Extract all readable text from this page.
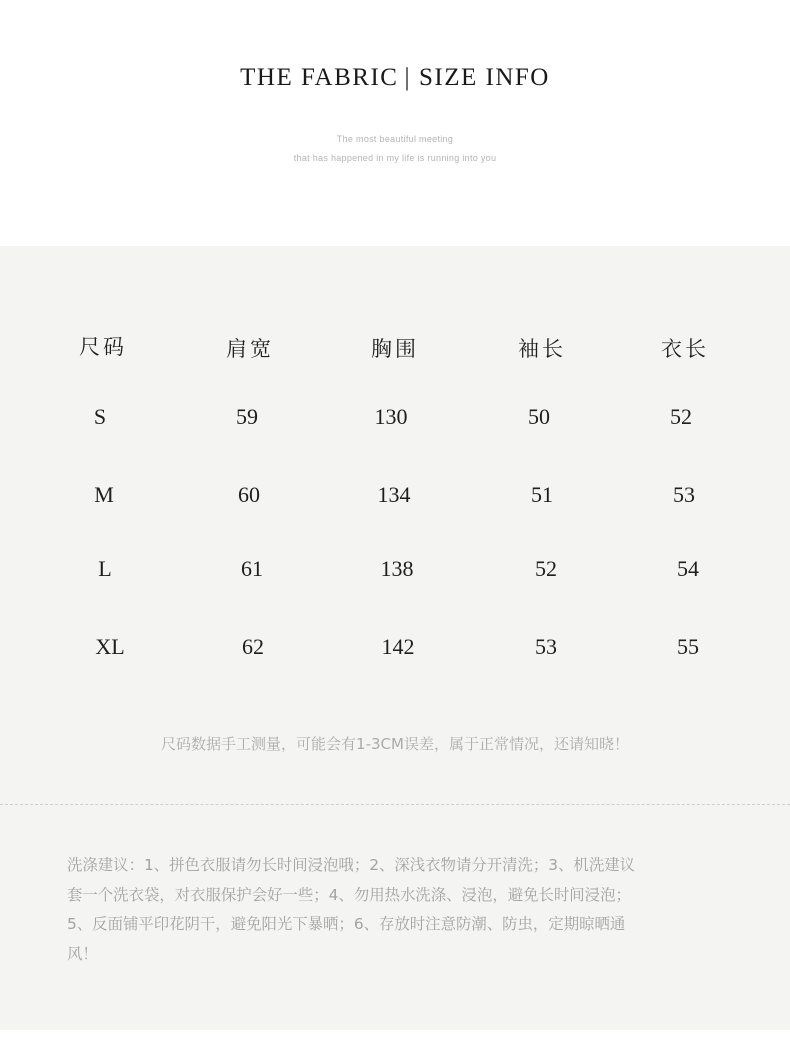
THE FABRIC | SIZE INFO
The most beautiful meeting
that has happened in my life is running into you
尺码	肩宽	胸围	袖长	衣长
S	59	130	50	52
M	60	134	51	53
L	61	138	52	54
XL	62	142	53	55
尺码数据手工测量，可能会有1-3CM误差，属于正常情况，还请知晓！
洗涤建议：1、拼色衣服请勿长时间浸泡哦；2、深浅衣物请分开清洗；3、机洗建议
套一个洗衣袋，对衣服保护会好一些；4、勿用热水洗涤、浸泡，避免长时间浸泡；
5、反面铺平印花阴干，避免阳光下暴晒；6、存放时注意防潮、防虫，定期晾晒通
风！
